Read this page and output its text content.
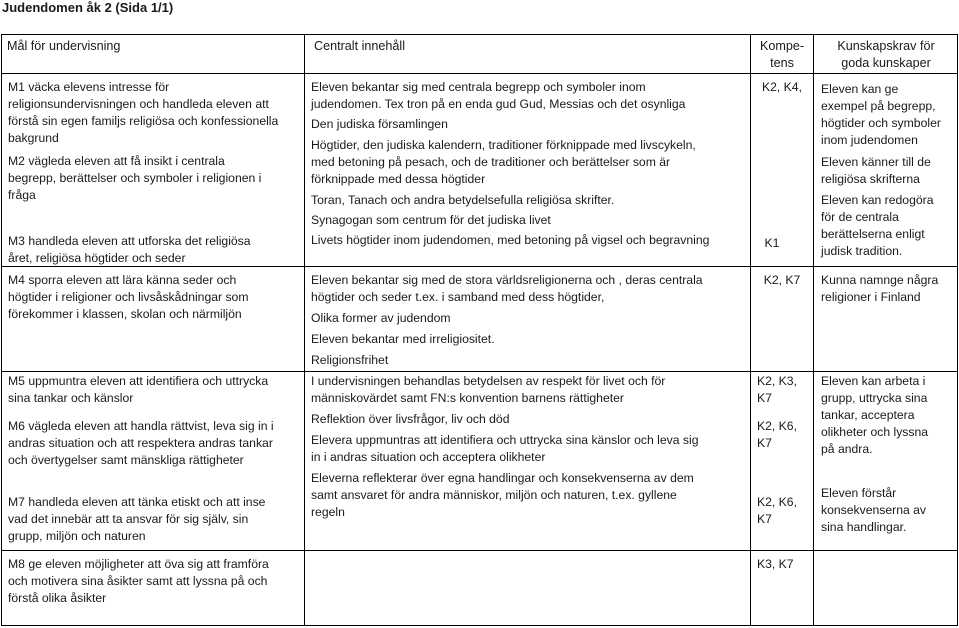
Judendomen åk 2 (Sida 1/1)
Mål för undervisning	Centralt innehåll	Kompe-
tens
Kunskapskrav för
goda kunskaper
M1 väcka elevens intresse för
religionsundervisningen och handleda eleven att
förstå sin egen familjs religiösa och konfessionella
bakgrund
M2 vägleda eleven att få insikt i centrala
begrepp, berättelser och symboler i religionen i
fråga
M3 handleda eleven att utforska det religiösa
året, religiösa högtider och seder
M4 sporra eleven att lära känna seder och
högtider i religioner och livsåskådningar som
förekommer i klassen, skolan och närmiljön
M5 uppmuntra eleven att identifiera och uttrycka
sina tankar och känslor
M6 vägleda eleven att handla rättvist, leva sig in i
andras situation och att respektera andras tankar
och övertygelser samt mänskliga rättigheter
M7 handleda eleven att tänka etiskt och att inse
vad det innebär att ta ansvar för sig själv, sin
grupp, miljön och naturen
M8 ge eleven möjligheter att öva sig att framföra
och motivera sina åsikter samt att lyssna på och
förstå olika åsikter
Eleven bekantar sig med centrala begrepp och symboler inom
judendomen. Tex tron på en enda gud Gud, Messias och det osynliga
Den judiska församlingen
Högtider, den judiska kalendern, traditioner förknippade med livscykeln,
med betoning på pesach, och de traditioner och berättelser som är
förknippade med dessa högtider
Toran, Tanach och andra betydelsefulla religiösa skrifter.
Synagogan som centrum för det judiska livet
Livets högtider inom judendomen, med betoning på vigsel och begravning
Eleven bekantar sig med de stora världsreligionerna och , deras centrala
högtider och seder t.ex. i samband med dess högtider,
Olika former av judendom
Eleven bekantar med irreligiositet.
Religionsfrihet
I undervisningen behandlas betydelsen av respekt för livet och för
människovärdet samt FN:s konvention barnens rättigheter
Reflektion över livsfrågor, liv och död
Elevera uppmuntras att identifiera och uttrycka sina känslor och leva sig
in i andras situation och acceptera olikheter
Eleverna reflekterar över egna handlingar och konsekvenserna av dem
samt ansvaret för andra människor, miljön och naturen, t.ex. gyllene
regeln
K2, K4,
K1
K2, K7
K2, K3,
K7
K2, K6,
K7
K2, K6,
K7
K3, K7
Eleven kan ge
exempel på begrepp,
högtider och symboler
inom judendomen
Eleven känner till de
religiösa skrifterna
Eleven kan redogöra
för de centrala
berättelserna enligt
judisk tradition.
Kunna namnge några
religioner i Finland
Eleven kan arbeta i
grupp, uttrycka sina
tankar, acceptera
olikheter och lyssna
på andra.
Eleven förstår
konsekvenserna av
sina handlingar.
